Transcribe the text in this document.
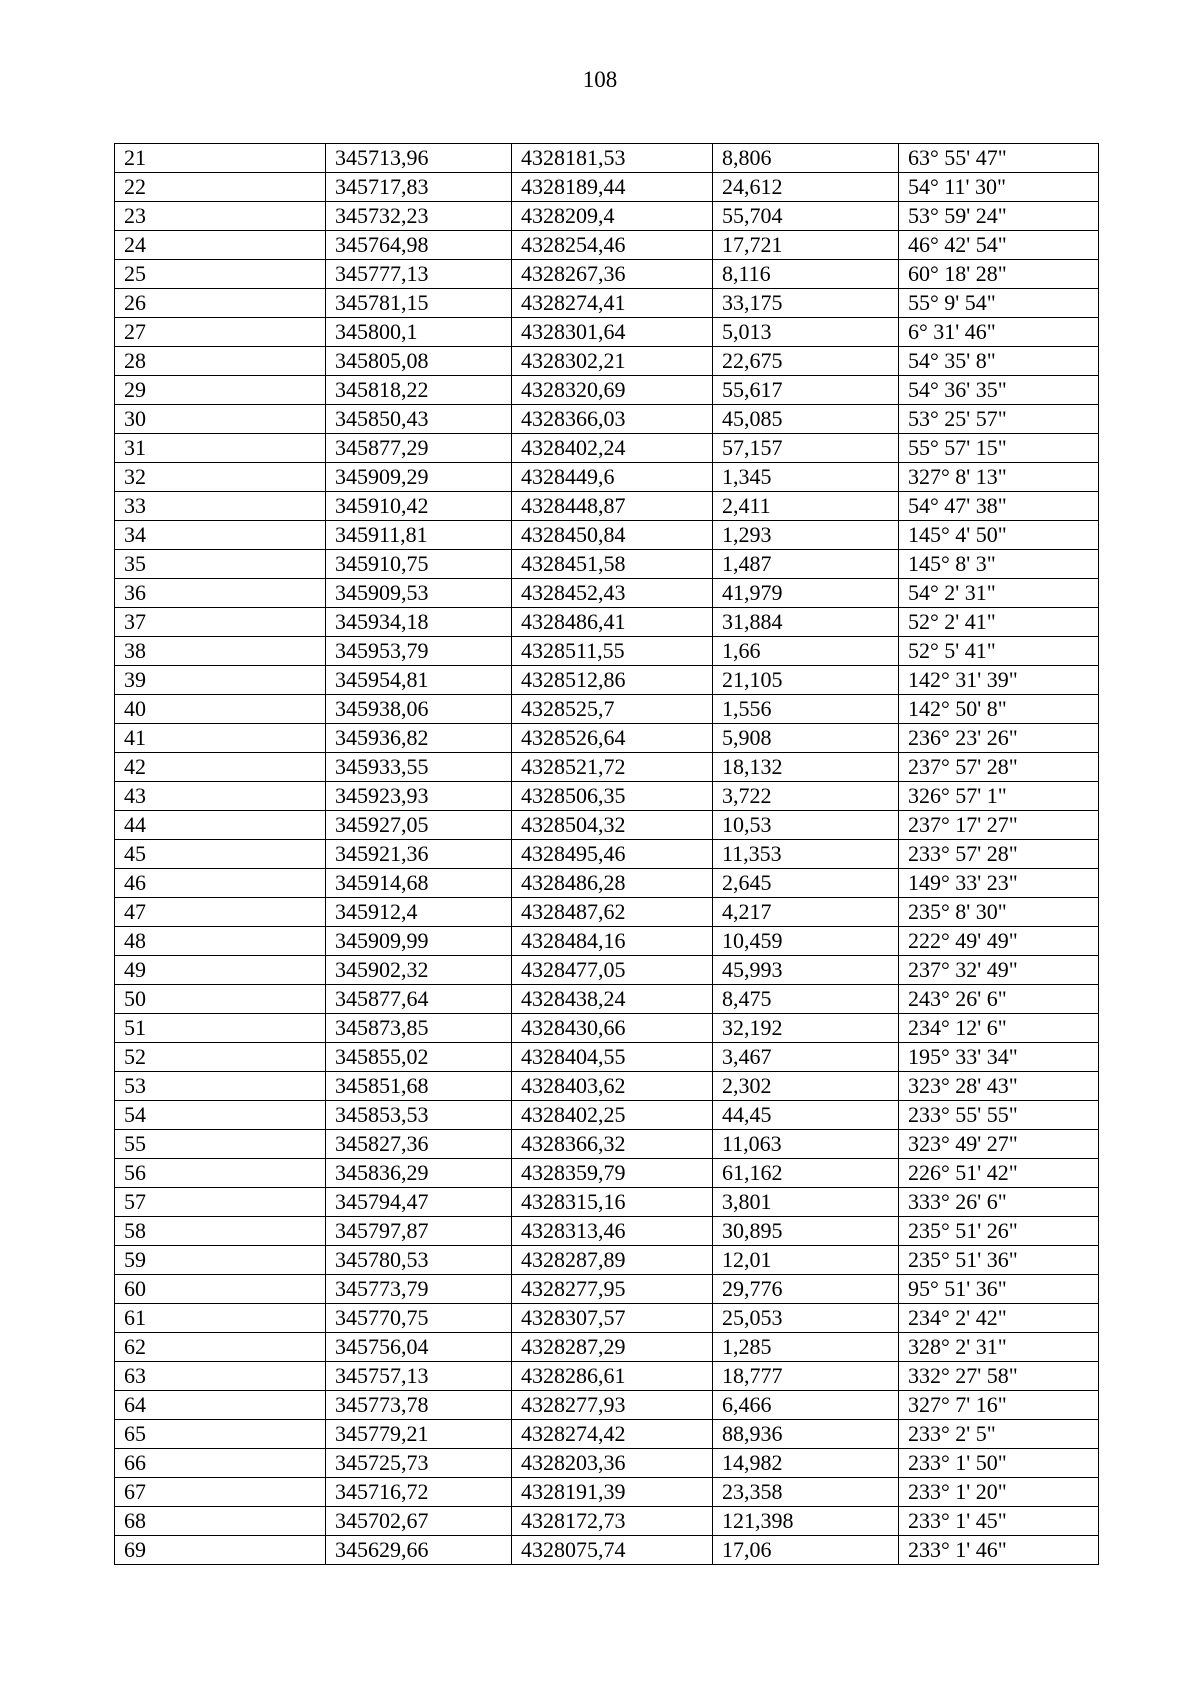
108
21	345713,96	4328181,53	8,806	63° 55' 47"
22	345717,83	4328189,44	24,612	54° 11' 30"
23	345732,23	4328209,4	55,704	53° 59' 24"
24	345764,98	4328254,46	17,721	46° 42' 54"
25	345777,13	4328267,36	8,116	60° 18' 28"
26	345781,15	4328274,41	33,175	55° 9' 54"
27	345800,1	4328301,64	5,013	6° 31' 46"
28	345805,08	4328302,21	22,675	54° 35' 8"
29	345818,22	4328320,69	55,617	54° 36' 35"
30	345850,43	4328366,03	45,085	53° 25' 57"
31	345877,29	4328402,24	57,157	55° 57' 15"
32	345909,29	4328449,6	1,345	327° 8' 13"
33	345910,42	4328448,87	2,411	54° 47' 38"
34	345911,81	4328450,84	1,293	145° 4' 50"
35	345910,75	4328451,58	1,487	145° 8' 3"
36	345909,53	4328452,43	41,979	54° 2' 31"
37	345934,18	4328486,41	31,884	52° 2' 41"
38	345953,79	4328511,55	1,66	52° 5' 41"
39	345954,81	4328512,86	21,105	142° 31' 39"
40	345938,06	4328525,7	1,556	142° 50' 8"
41	345936,82	4328526,64	5,908	236° 23' 26"
42	345933,55	4328521,72	18,132	237° 57' 28"
43	345923,93	4328506,35	3,722	326° 57' 1"
44	345927,05	4328504,32	10,53	237° 17' 27"
45	345921,36	4328495,46	11,353	233° 57' 28"
46	345914,68	4328486,28	2,645	149° 33' 23"
47	345912,4	4328487,62	4,217	235° 8' 30"
48	345909,99	4328484,16	10,459	222° 49' 49"
49	345902,32	4328477,05	45,993	237° 32' 49"
50	345877,64	4328438,24	8,475	243° 26' 6"
51	345873,85	4328430,66	32,192	234° 12' 6"
52	345855,02	4328404,55	3,467	195° 33' 34"
53	345851,68	4328403,62	2,302	323° 28' 43"
54	345853,53	4328402,25	44,45	233° 55' 55"
55	345827,36	4328366,32	11,063	323° 49' 27"
56	345836,29	4328359,79	61,162	226° 51' 42"
57	345794,47	4328315,16	3,801	333° 26' 6"
58	345797,87	4328313,46	30,895	235° 51' 26"
59	345780,53	4328287,89	12,01	235° 51' 36"
60	345773,79	4328277,95	29,776	95° 51' 36"
61	345770,75	4328307,57	25,053	234° 2' 42"
62	345756,04	4328287,29	1,285	328° 2' 31"
63	345757,13	4328286,61	18,777	332° 27' 58"
64	345773,78	4328277,93	6,466	327° 7' 16"
65	345779,21	4328274,42	88,936	233° 2' 5"
66	345725,73	4328203,36	14,982	233° 1' 50"
67	345716,72	4328191,39	23,358	233° 1' 20"
68	345702,67	4328172,73	121,398	233° 1' 45"
69	345629,66	4328075,74	17,06	233° 1' 46"
